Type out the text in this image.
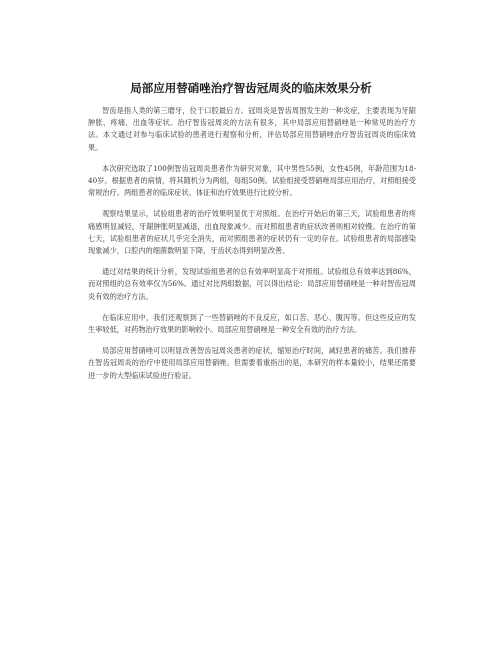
局部应用替硝唑治疗智齿冠周炎的临床效果分析

智齿是指人类的第三磨牙，位于口腔最后方。冠周炎是智齿周围发生的一种炎症，主要表现为牙龈肿胀、疼痛、出血等症状。治疗智齿冠周炎的方法有很多，其中局部应用替硝唑是一种常见的治疗方法。本文通过对参与临床试验的患者进行观察和分析，评估局部应用替硝唑治疗智齿冠周炎的临床效果。

本次研究选取了100例智齿冠周炎患者作为研究对象，其中男性55例，女性45例，年龄范围为18-40岁。根据患者的病情，将其随机分为两组，每组50例。试验组接受替硝唑局部应用治疗，对照组接受常规治疗。两组患者的临床症状、体征和治疗效果进行比较分析。

观察结果显示，试验组患者的治疗效果明显优于对照组。在治疗开始后的第三天，试验组患者的疼痛感明显减轻，牙龈肿胀明显减退，出血现象减少。而对照组患者的症状改善则相对较慢。在治疗的第七天，试验组患者的症状几乎完全消失，而对照组患者的症状仍有一定的存在。试验组患者的局部感染现象减少，口腔内的细菌数明显下降，牙齿状态得到明显改善。

通过对结果的统计分析，发现试验组患者的总有效率明显高于对照组。试验组总有效率达到86%，而对照组的总有效率仅为56%。通过对比两组数据，可以得出结论：局部应用替硝唑是一种对智齿冠周炎有效的治疗方法。

在临床应用中，我们还观察到了一些替硝唑的不良反应，如口苦、恶心、腹泻等。但这些反应的发生率较低，对药物治疗效果的影响较小。局部应用替硝唑是一种安全有效的治疗方法。

局部应用替硝唑可以明显改善智齿冠周炎患者的症状，缩短治疗时间，减轻患者的痛苦。我们推荐在智齿冠周炎的治疗中使用局部应用替硝唑。但需要着重指出的是，本研究的样本量较小，结果还需要进一步的大型临床试验进行验证。
